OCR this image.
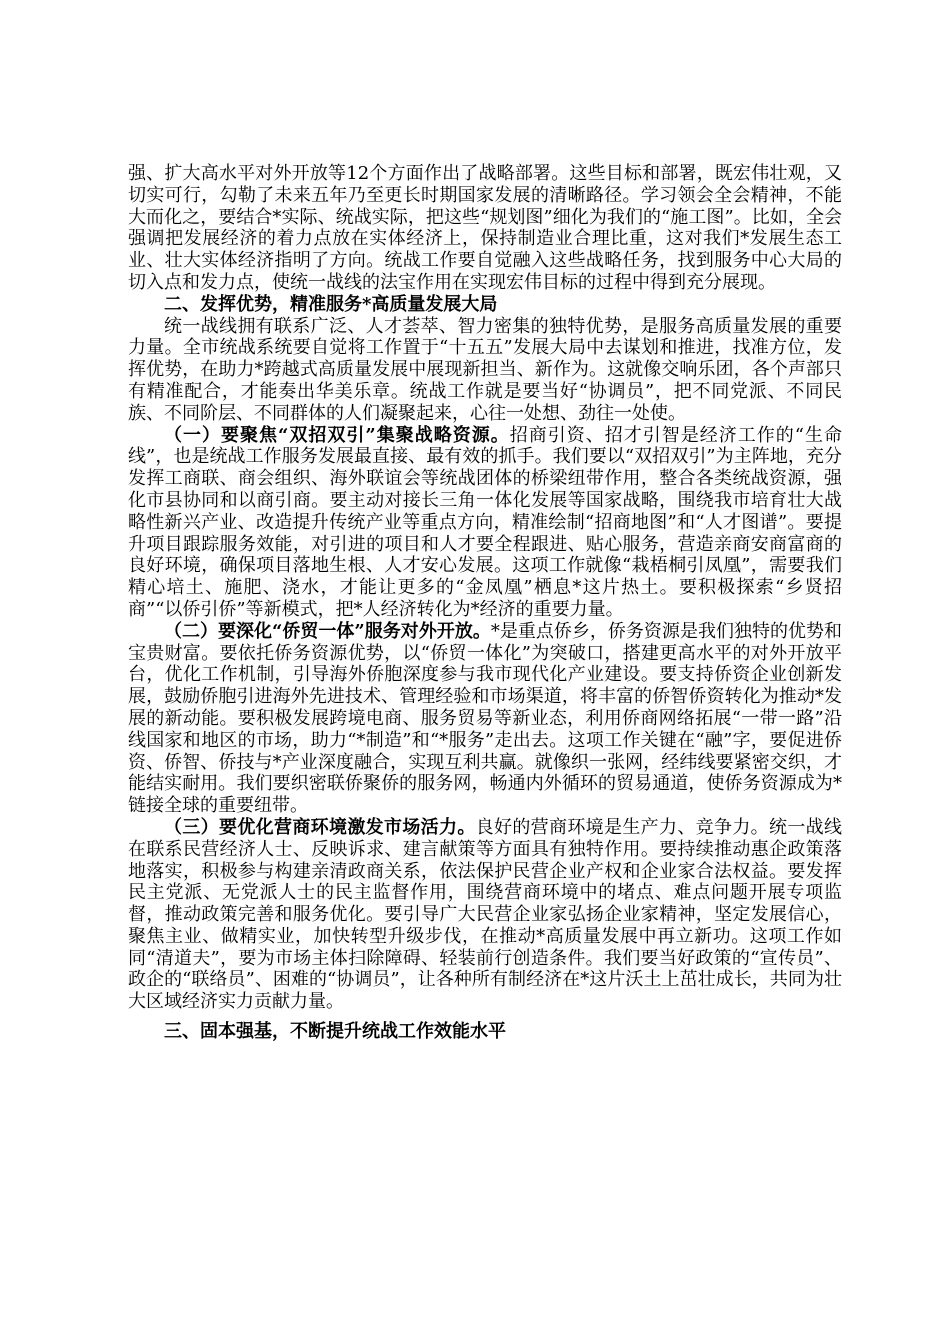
强、扩大高水平对外开放等12个方面作出了战略部署。这些目标和部署，既宏伟壮观，又切实可行，勾勒了未来五年乃至更长时期国家发展的清晰路径。学习领会全会精神，不能大而化之，要结合*实际、统战实际，把这些“规划图”细化为我们的“施工图”。比如，全会强调把发展经济的着力点放在实体经济上，保持制造业合理比重，这对我们*发展生态工业、壮大实体经济指明了方向。统战工作要自觉融入这些战略任务，找到服务中心大局的切入点和发力点，使统一战线的法宝作用在实现宏伟目标的过程中得到充分展现。

二、发挥优势，精准服务*高质量发展大局

统一战线拥有联系广泛、人才荟萃、智力密集的独特优势，是服务高质量发展的重要力量。全市统战系统要自觉将工作置于“十五五”发展大局中去谋划和推进，找准方位，发挥优势，在助力*跨越式高质量发展中展现新担当、新作为。这就像交响乐团，各个声部只有精准配合，才能奏出华美乐章。统战工作就是要当好“协调员”，把不同党派、不同民族、不同阶层、不同群体的人们凝聚起来，心往一处想、劲往一处使。

（一）要聚焦“双招双引”集聚战略资源。招商引资、招才引智是经济工作的“生命线”，也是统战工作服务发展最直接、最有效的抓手。我们要以“双招双引”为主阵地，充分发挥工商联、商会组织、海外联谊会等统战团体的桥梁纽带作用，整合各类统战资源，强化市县协同和以商引商。要主动对接长三角一体化发展等国家战略，围绕我市培育壮大战略性新兴产业、改造提升传统产业等重点方向，精准绘制“招商地图”和“人才图谱”。要提升项目跟踪服务效能，对引进的项目和人才要全程跟进、贴心服务，营造亲商安商富商的良好环境，确保项目落地生根、人才安心发展。这项工作就像“栽梧桐引凤凰”，需要我们精心培土、施肥、浇水，才能让更多的“金凤凰”栖息*这片热土。要积极探索“乡贤招商”“以侨引侨”等新模式，把*人经济转化为*经济的重要力量。

（二）要深化“侨贸一体”服务对外开放。*是重点侨乡，侨务资源是我们独特的优势和宝贵财富。要依托侨务资源优势，以“侨贸一体化”为突破口，搭建更高水平的对外开放平台，优化工作机制，引导海外侨胞深度参与我市现代化产业建设。要支持侨资企业创新发展，鼓励侨胞引进海外先进技术、管理经验和市场渠道，将丰富的侨智侨资转化为推动*发展的新动能。要积极发展跨境电商、服务贸易等新业态，利用侨商网络拓展“一带一路”沿线国家和地区的市场，助力“*制造”和“*服务”走出去。这项工作关键在“融”字，要促进侨资、侨智、侨技与*产业深度融合，实现互利共赢。就像织一张网，经纬线要紧密交织，才能结实耐用。我们要织密联侨聚侨的服务网，畅通内外循环的贸易通道，使侨务资源成为*链接全球的重要纽带。

（三）要优化营商环境激发市场活力。良好的营商环境是生产力、竞争力。统一战线在联系民营经济人士、反映诉求、建言献策等方面具有独特作用。要持续推动惠企政策落地落实，积极参与构建亲清政商关系，依法保护民营企业产权和企业家合法权益。要发挥民主党派、无党派人士的民主监督作用，围绕营商环境中的堵点、难点问题开展专项监督，推动政策完善和服务优化。要引导广大民营企业家弘扬企业家精神，坚定发展信心，聚焦主业、做精实业，加快转型升级步伐，在推动*高质量发展中再立新功。这项工作如同“清道夫”，要为市场主体扫除障碍、轻装前行创造条件。我们要当好政策的“宣传员”、政企的“联络员”、困难的“协调员”，让各种所有制经济在*这片沃土上茁壮成长，共同为壮大区域经济实力贡献力量。

三、固本强基，不断提升统战工作效能水平
